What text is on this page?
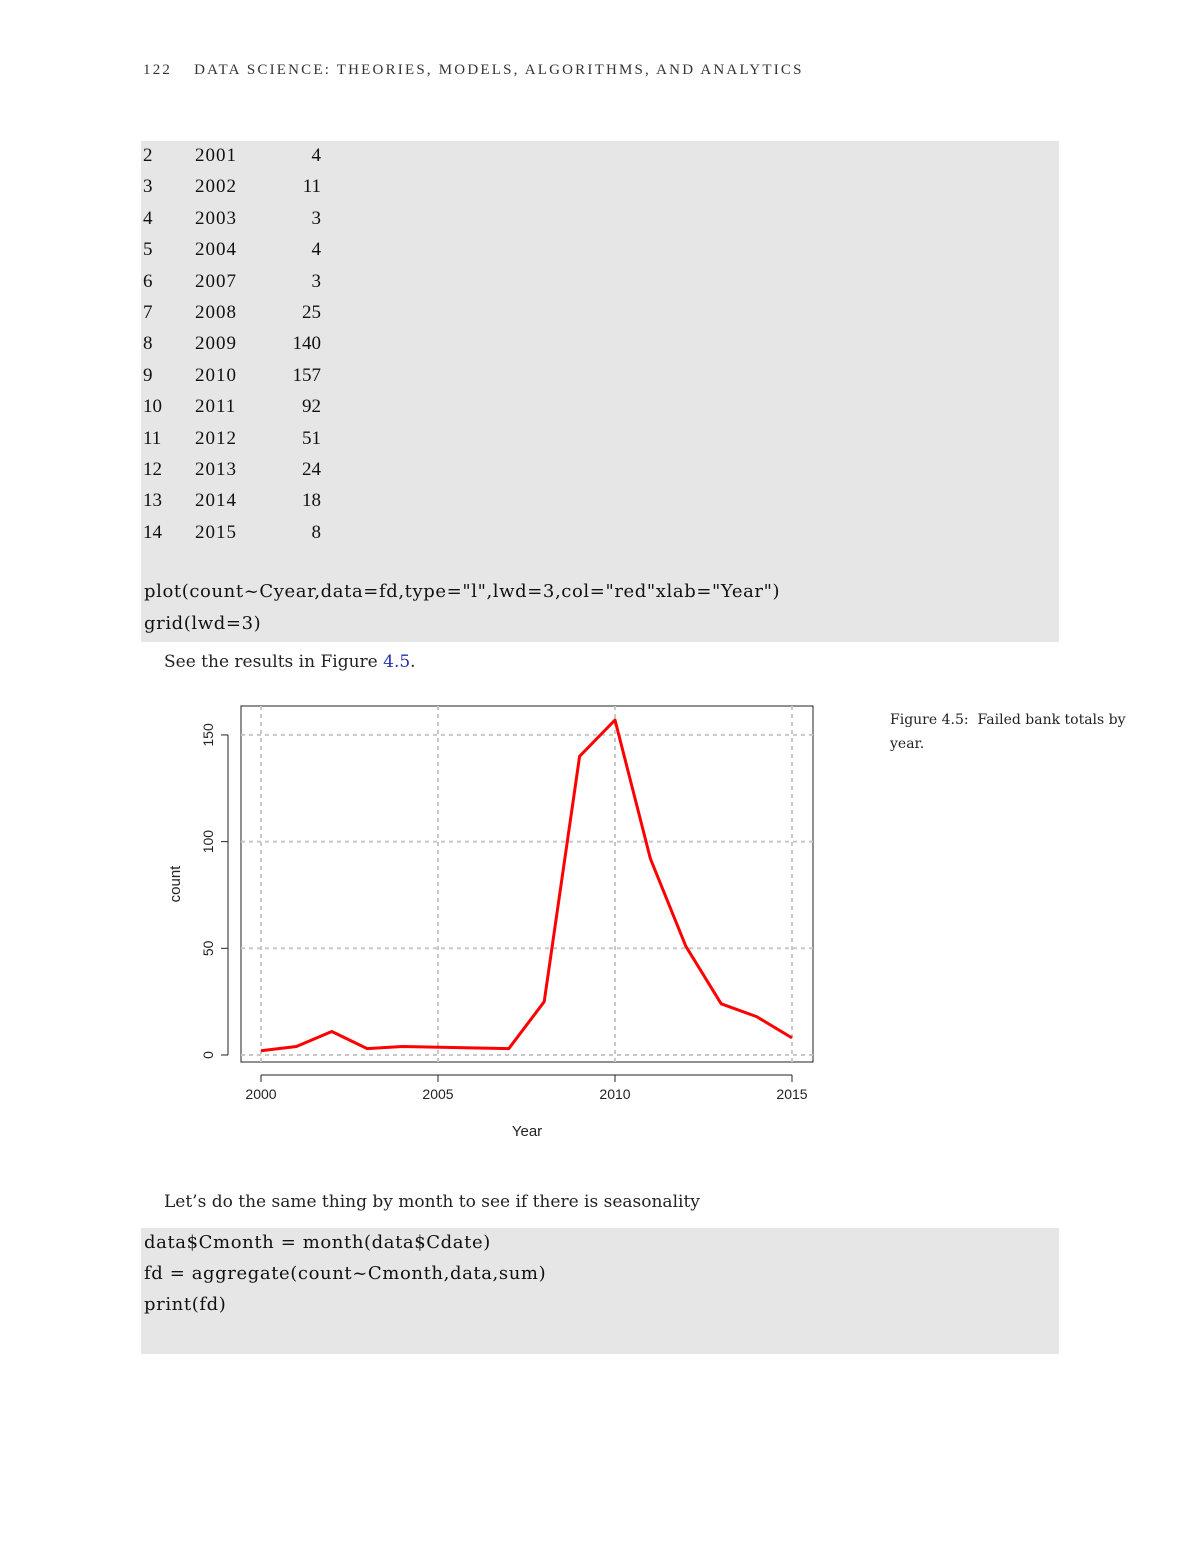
122 DATA SCIENCE: THEORIES, MODELS, ALGORITHMS, AND ANALYTICS
2 2001	4
3 2002	11
4 2003	3
5 2004	4
6 2007	3
7 2008	25
8 2009	140
9 2010	157
10 2011	92
11 2012	51
12 2013	24
13 2014	18
14 2015	8
plot(count~Cyear,data=fd,type="l",lwd=3,col="red"xlab="Year")
grid(lwd=3)
See the results in Figure 4.5.
2000	2005	2010	2015
0
50
100
150
Year
count
Figure 4.5: Failed bank totals by year.
Let’s do the same thing by month to see if there is seasonality
data$Cmonth = month(data$Cdate)
fd = aggregate(count~Cmonth,data,sum)
print(fd)
